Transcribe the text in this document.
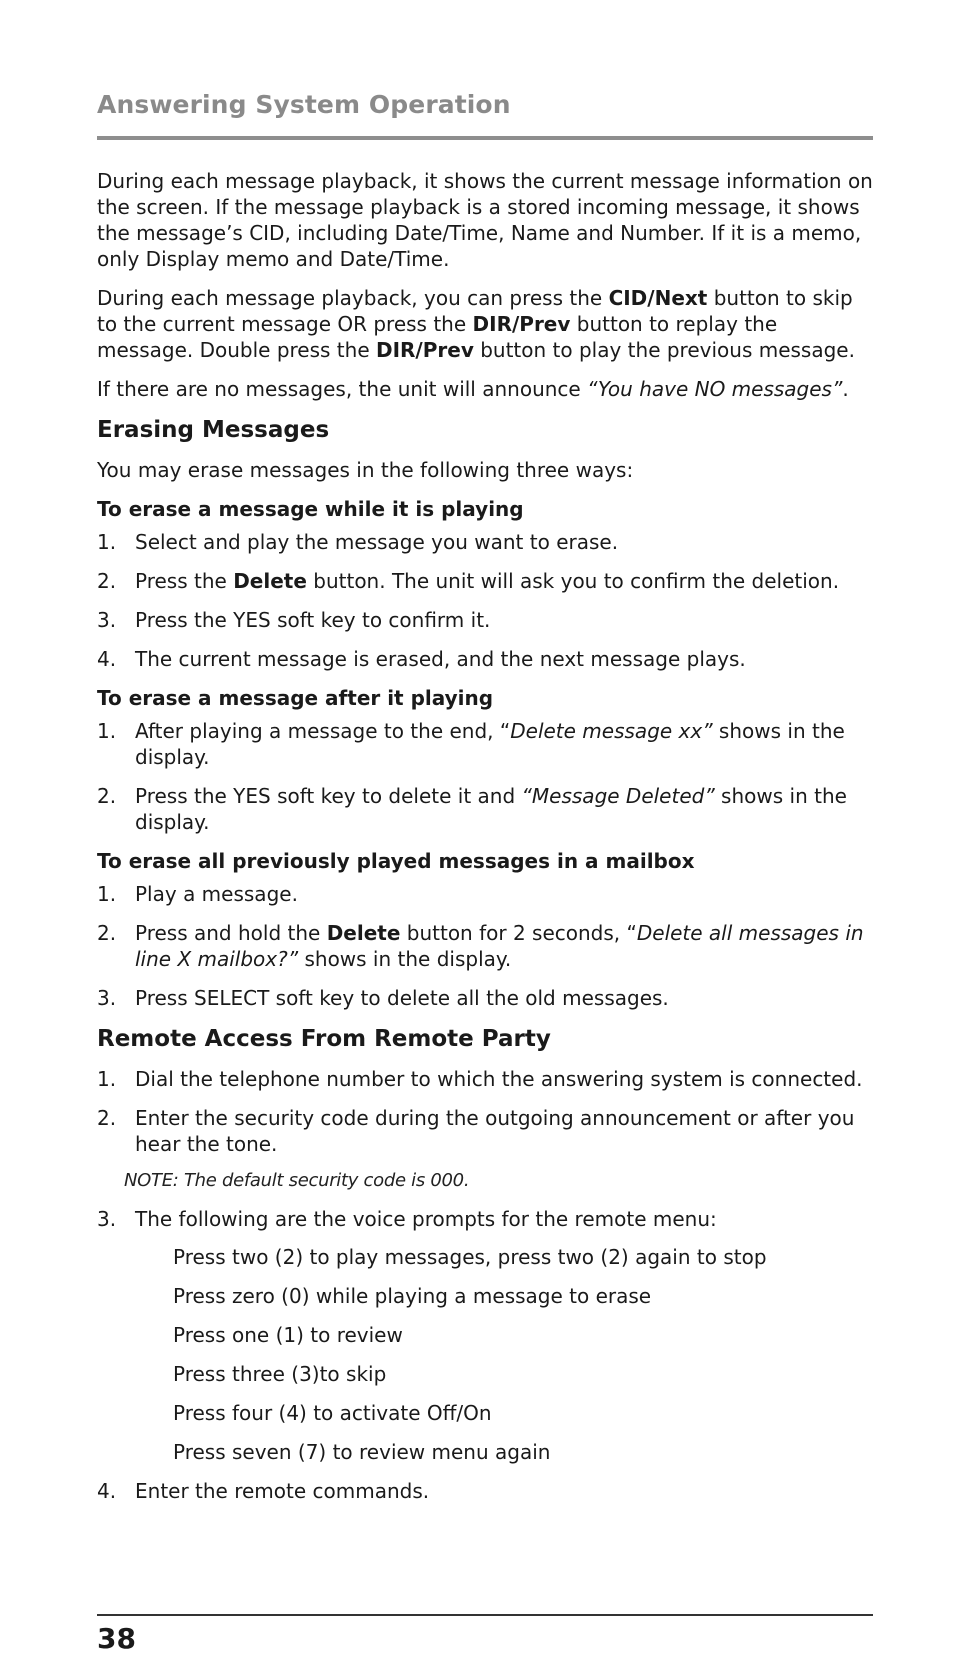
Answering System Operation

During each message playback, it shows the current message information on the screen. If the message playback is a stored incoming message, it shows the message’s CID, including Date/Time, Name and Number. If it is a memo, only Display memo and Date/Time.

During each message playback, you can press the CID/Next button to skip to the current message OR press the DIR/Prev button to replay the message. Double press the DIR/Prev button to play the previous message.

If there are no messages, the unit will announce “You have NO messages”.

Erasing Messages

You may erase messages in the following three ways:

To erase a message while it is playing
1. Select and play the message you want to erase.
2. Press the Delete button. The unit will ask you to confirm the deletion.
3. Press the YES soft key to confirm it.
4. The current message is erased, and the next message plays.
To erase a message after it playing
1. After playing a message to the end, “Delete message xx” shows in the display.
2. Press the YES soft key to delete it and “Message Deleted” shows in the display.
To erase all previously played messages in a mailbox
1. Play a message.
2. Press and hold the Delete button for 2 seconds, “Delete all messages in line X mailbox?” shows in the display.
3. Press SELECT soft key to delete all the old messages.
Remote Access From Remote Party
1. Dial the telephone number to which the answering system is connected.
2. Enter the security code during the outgoing announcement or after you hear the tone.
NOTE: The default security code is 000.
3. The following are the voice prompts for the remote menu:
Press two (2) to play messages, press two (2) again to stop
Press zero (0) while playing a message to erase
Press one (1) to review
Press three (3)to skip
Press four (4) to activate Off/On
Press seven (7) to review menu again
4. Enter the remote commands.
38
